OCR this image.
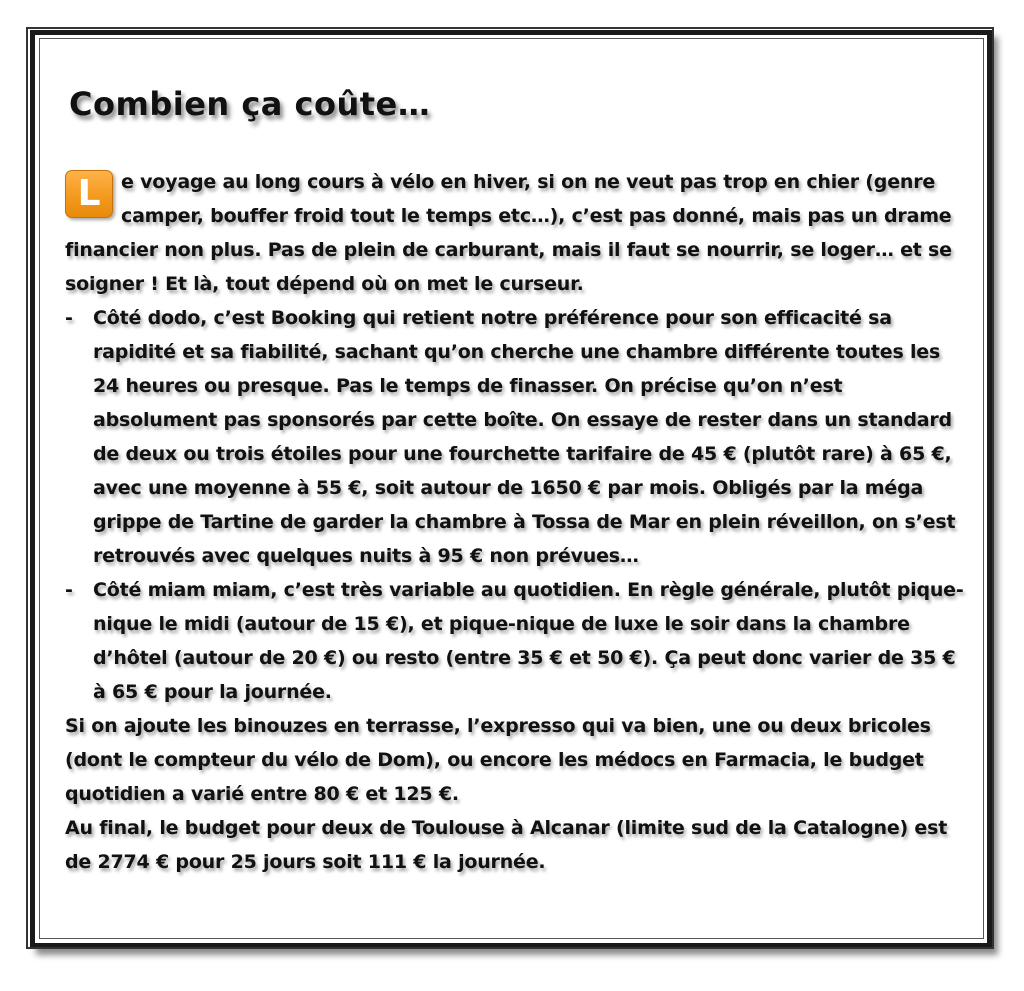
Combien ça coûte…

L	e voyage au long cours à vélo en hiver, si on ne veut pas trop en chier (genre camper, bouffer froid tout le temps etc…), c’est pas donné, mais pas un drame financier non plus. Pas de plein de carburant, mais il faut se nourrir, se loger… et se soigner ! Et là, tout dépend où on met le curseur.

- Côté dodo, c’est Booking qui retient notre préférence pour son efficacité sa rapidité et sa fiabilité, sachant qu’on cherche une chambre différente toutes les 24 heures ou presque. Pas le temps de finasser. On précise qu’on n’est absolument pas sponsorés par cette boîte. On essaye de rester dans un standard de deux ou trois étoiles pour une fourchette tarifaire de 45 € (plutôt rare) à 65 €, avec une moyenne à 55 €, soit autour de 1650 € par mois. Obligés par la méga grippe de Tartine de garder la chambre à Tossa de Mar en plein réveillon, on s’est retrouvés avec quelques nuits à 95 € non prévues…

- Côté miam miam, c’est très variable au quotidien. En règle générale, plutôt pique-nique le midi (autour de 15 €), et pique-nique de luxe le soir dans la chambre d’hôtel (autour de 20 €) ou resto (entre 35 € et 50 €). Ça peut donc varier de 35 € à 65 € pour la journée.

Si on ajoute les binouzes en terrasse, l’expresso qui va bien, une ou deux bricoles (dont le compteur du vélo de Dom), ou encore les médocs en Farmacia, le budget quotidien a varié entre 80 € et 125 €.

Au final, le budget pour deux de Toulouse à Alcanar (limite sud de la Catalogne) est de 2774 € pour 25 jours soit 111 € la journée.
